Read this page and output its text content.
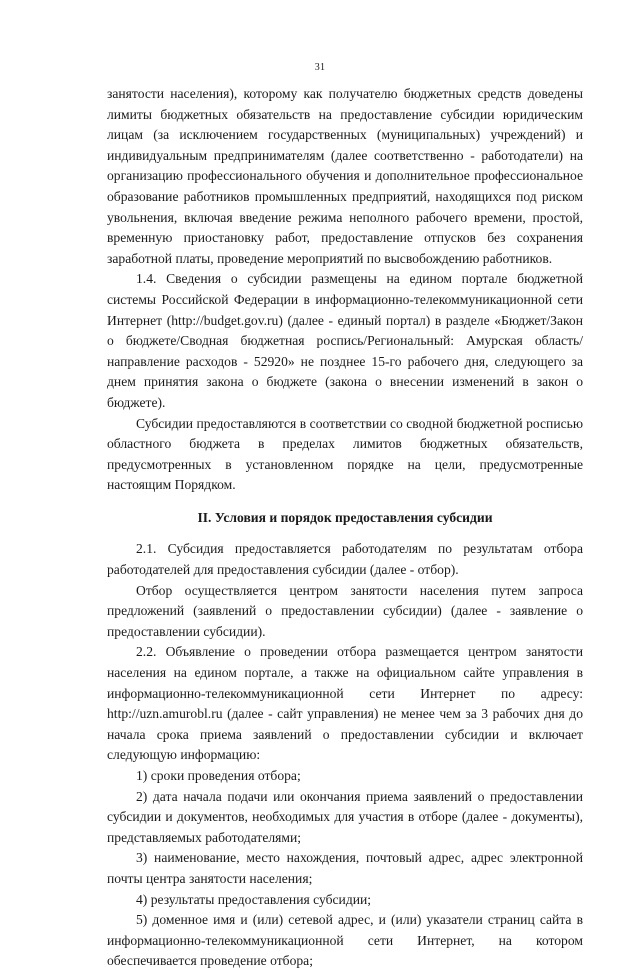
31

занятости населения), которому как получателю бюджетных средств доведены лимиты бюджетных обязательств на предоставление субсидии юридическим лицам (за исключением государственных (муниципальных) учреждений) и индивидуальным предпринимателям (далее соответственно - работодатели) на организацию профессионального обучения и дополнительное профессиональное образование работников промышленных предприятий, находящихся под риском увольнения, включая введение режима неполного рабочего времени, простой, временную приостановку работ, предоставление отпусков без сохранения заработной платы, проведение мероприятий по высвобождению работников.

1.4. Сведения о субсидии размещены на едином портале бюджетной системы Российской Федерации в информационно-телекоммуникационной сети Интернет (http://budget.gov.ru) (далее - единый портал) в разделе «Бюджет/Закон о бюджете/Сводная бюджетная роспись/Региональный: Амурская область/направление расходов - 52920» не позднее 15-го рабочего дня, следующего за днем принятия закона о бюджете (закона о внесении изменений в закон о бюджете).

Субсидии предоставляются в соответствии со сводной бюджетной росписью областного бюджета в пределах лимитов бюджетных обязательств, предусмотренных в установленном порядке на цели, предусмотренные настоящим Порядком.

II. Условия и порядок предоставления субсидии

2.1. Субсидия предоставляется работодателям по результатам отбора работодателей для предоставления субсидии (далее - отбор).

Отбор осуществляется центром занятости населения путем запроса предложений (заявлений о предоставлении субсидии) (далее - заявление о предоставлении субсидии).

2.2. Объявление о проведении отбора размещается центром занятости населения на едином портале, а также на официальном сайте управления в информационно-телекоммуникационной сети Интернет по адресу: http://uzn.amurobl.ru (далее - сайт управления) не менее чем за 3 рабочих дня до начала срока приема заявлений о предоставлении субсидии и включает следующую информацию:

1) сроки проведения отбора;

2) дата начала подачи или окончания приема заявлений о предоставлении субсидии и документов, необходимых для участия в отборе (далее - документы), представляемых работодателями;

3) наименование, место нахождения, почтовый адрес, адрес электронной почты центра занятости населения;

4) результаты предоставления субсидии;

5) доменное имя и (или) сетевой адрес, и (или) указатели страниц сайта в информационно-телекоммуникационной сети Интернет, на котором обеспечивается проведение отбора;
